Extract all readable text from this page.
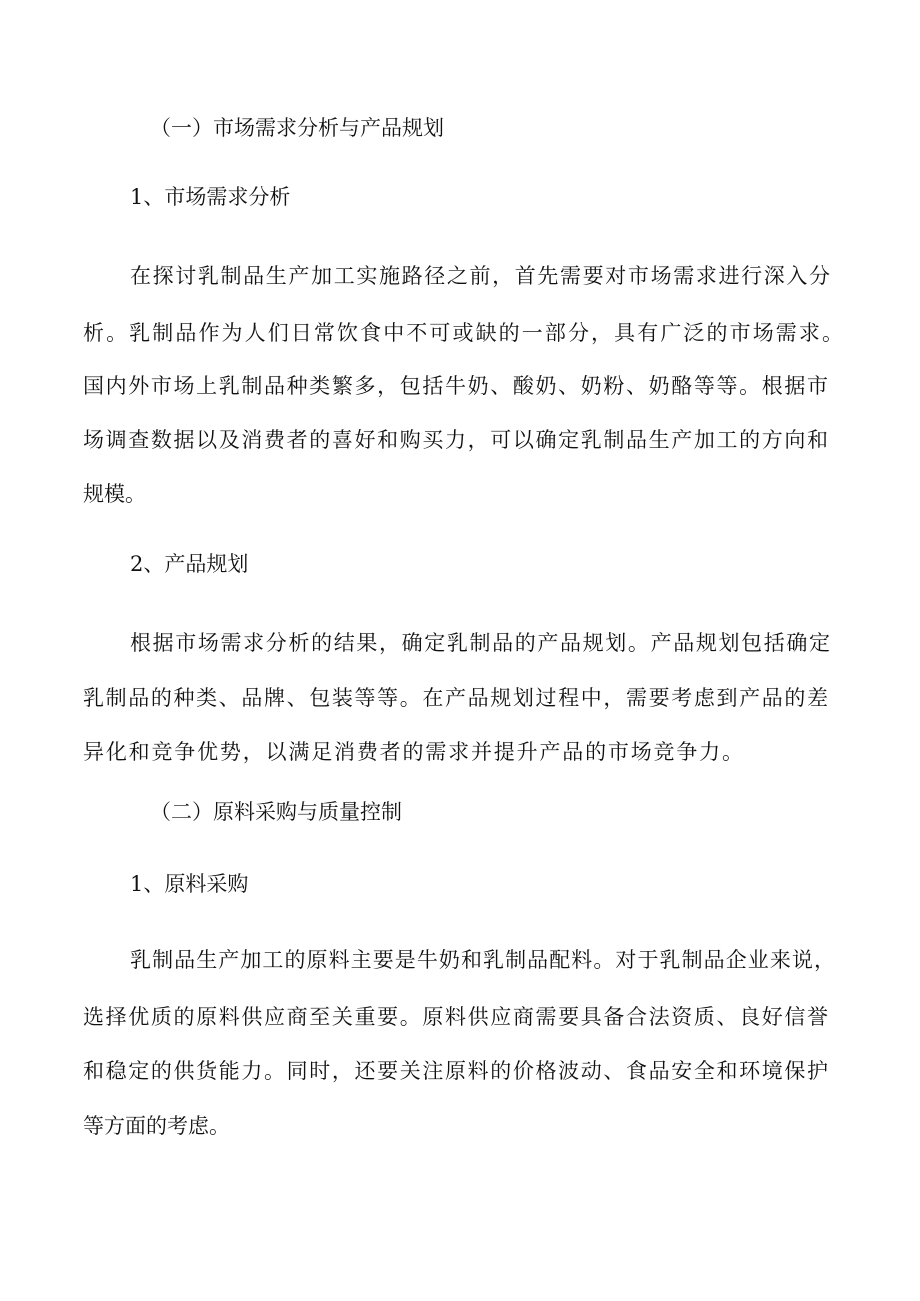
（一）市场需求分析与产品规划
1、市场需求分析
在探讨乳制品生产加工实施路径之前，首先需要对市场需求进行深入分
析。乳制品作为人们日常饮食中不可或缺的一部分，具有广泛的市场需求。
国内外市场上乳制品种类繁多，包括牛奶、酸奶、奶粉、奶酪等等。根据市
场调查数据以及消费者的喜好和购买力，可以确定乳制品生产加工的方向和
规模。
2、产品规划
根据市场需求分析的结果，确定乳制品的产品规划。产品规划包括确定
乳制品的种类、品牌、包装等等。在产品规划过程中，需要考虑到产品的差
异化和竞争优势，以满足消费者的需求并提升产品的市场竞争力。
（二）原料采购与质量控制
1、原料采购
乳制品生产加工的原料主要是牛奶和乳制品配料。对于乳制品企业来说，
选择优质的原料供应商至关重要。原料供应商需要具备合法资质、良好信誉
和稳定的供货能力。同时，还要关注原料的价格波动、食品安全和环境保护
等方面的考虑。
